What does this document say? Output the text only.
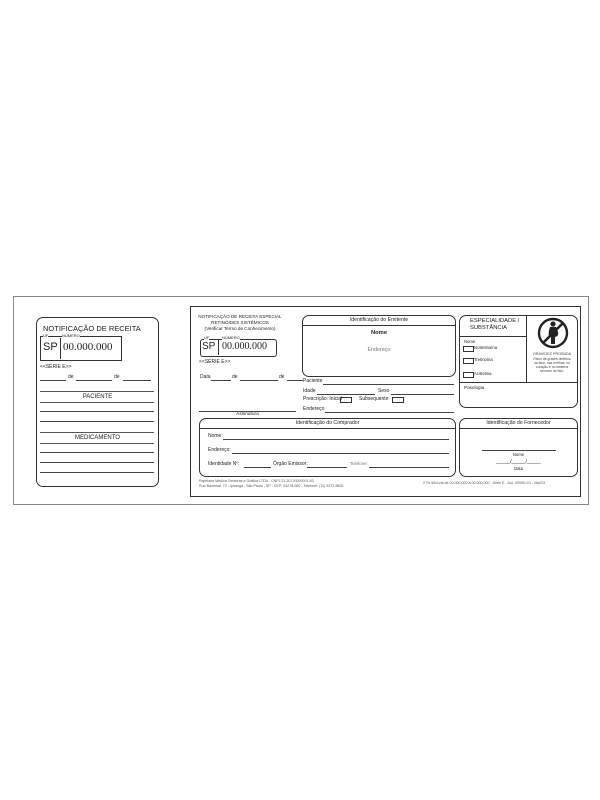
NOTIFICAÇÃO DE RECEITA
UF	NÚMERO
SP 00.000.000
<<SÉRIE E>>
de	de
PACIENTE
MEDICAMENTO
NOTIFICAÇÃO DE RECEITA ESPECIAL
RETINÓIDES SISTÊMICOS
(Verificar Termo de Conhecimento)
UF	NÚMERO
SP 00.000.000
<<SÉRIE E>>
Data	de	de
Assinatura
Identificação do Emitente
Nome
Endereço
ESPECIALIDADE /
SUBSTÂNCIA
Nome
Isotretinoína
Tretinoína
Acitretina
GRAVIDEZ PROIBIDA
Risco de graves defeitos
na face, nas orelhas, no
coração e no sistema
nervoso do feto.
Posologia
Paciente
Idade	Sexo
Prescrição: Inicial	Subsequente
Endereço
Identificação do Comprador
Nome:
Endereço:
Identidade Nº:	Órgão Emissor:	Telefone:
Identificação do Fornecedor
Nome
_____/_____/_____
Data
Papelaria Médica Cerebrás e Gráfica LTDA - CNPJ 21.207.815/0001-83
Rua Bambiral, 72 - Ipiranga - São Paulo - SP - CEP: 04278-060 - Telefone: (11) 3473-5825
2 Tb 50x1via de 00.000.000 à 00.000.000 - Série E - Aut. 00000-1/1 - Mai/23
